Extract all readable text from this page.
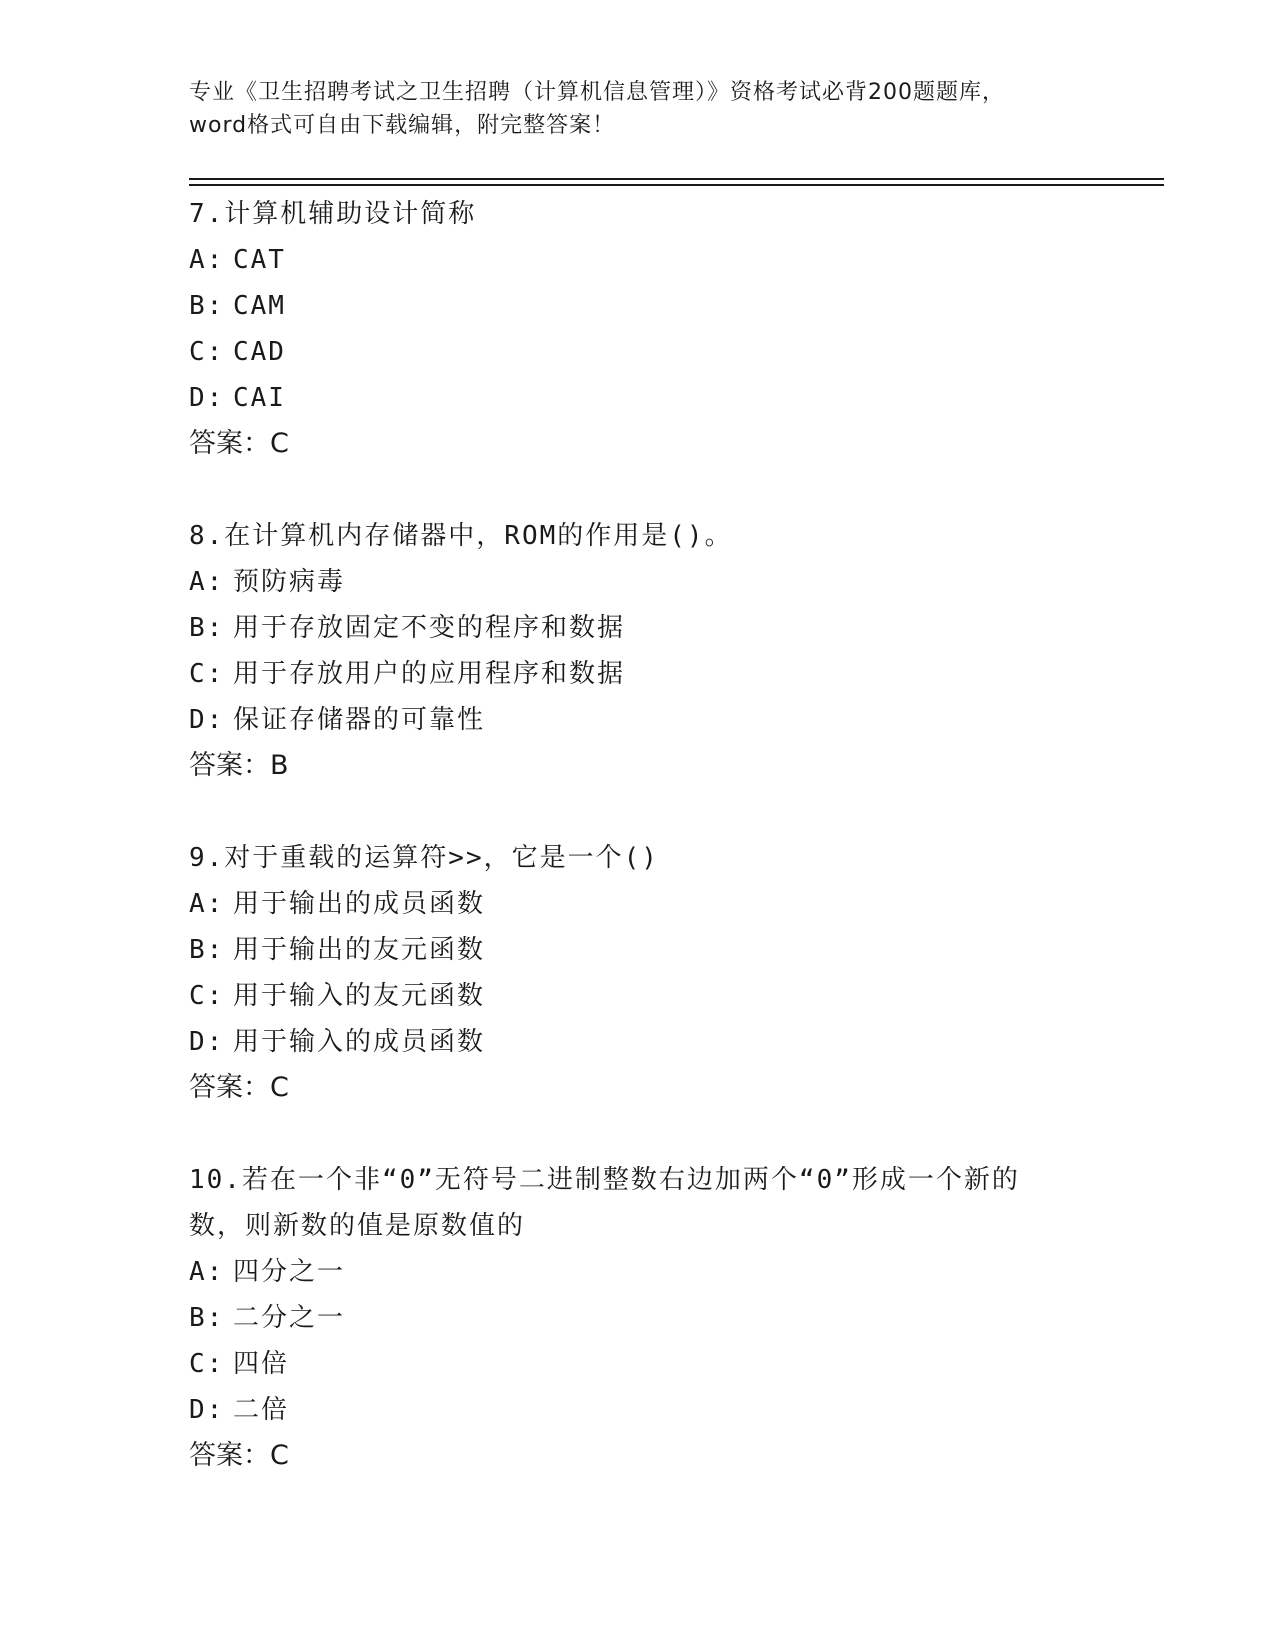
专业《卫生招聘考试之卫生招聘（计算机信息管理）》资格考试必背200题题库，
word格式可自由下载编辑，附完整答案！
7.计算机辅助设计简称
A: CAT
B: CAM
C: CAD
D: CAI
答案：C
8.在计算机内存储器中，ROM的作用是()。
A: 预防病毒
B: 用于存放固定不变的程序和数据
C: 用于存放用户的应用程序和数据
D: 保证存储器的可靠性
答案：B
9.对于重载的运算符>>，它是一个()
A: 用于输出的成员函数
B: 用于输出的友元函数
C: 用于输入的友元函数
D: 用于输入的成员函数
答案：C
10.若在一个非“0”无符号二进制整数右边加两个“0”形成一个新的
数，则新数的值是原数值的
A: 四分之一
B: 二分之一
C: 四倍
D: 二倍
答案：C
